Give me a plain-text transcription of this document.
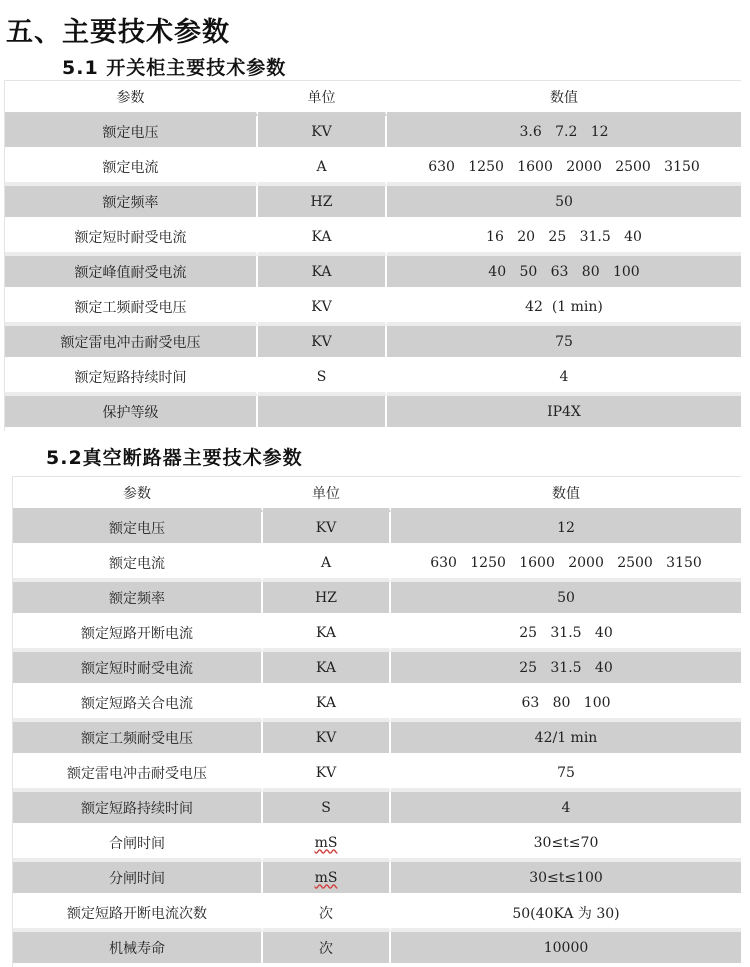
五、主要技术参数
5.1 开关柜主要技术参数
参数	单位	数值
额定电压	KV	3.6   7.2   12
额定电流	A	630   1250   1600   2000   2500   3150
额定频率	HZ	50
额定短时耐受电流	KA	16   20   25   31.5   40
额定峰值耐受电流	KA	40   50   63   80   100
额定工频耐受电压	KV	42  (1 min)
额定雷电冲击耐受电压	KV	75
额定短路持续时间	S	4
保护等级		IP4X
5.2真空断路器主要技术参数
参数	单位	数值
额定电压	KV	12
额定电流	A	630   1250   1600   2000   2500   3150
额定频率	HZ	50
额定短路开断电流	KA	25   31.5   40
额定短时耐受电流	KA	25   31.5   40
额定短路关合电流	KA	63   80   100
额定工频耐受电压	KV	42/1 min
额定雷电冲击耐受电压	KV	75
额定短路持续时间	S	4
合闸时间	mS	30≤t≤70
分闸时间	mS	30≤t≤100
额定短路开断电流次数	次	50(40KA 为 30)
机械寿命	次	10000
